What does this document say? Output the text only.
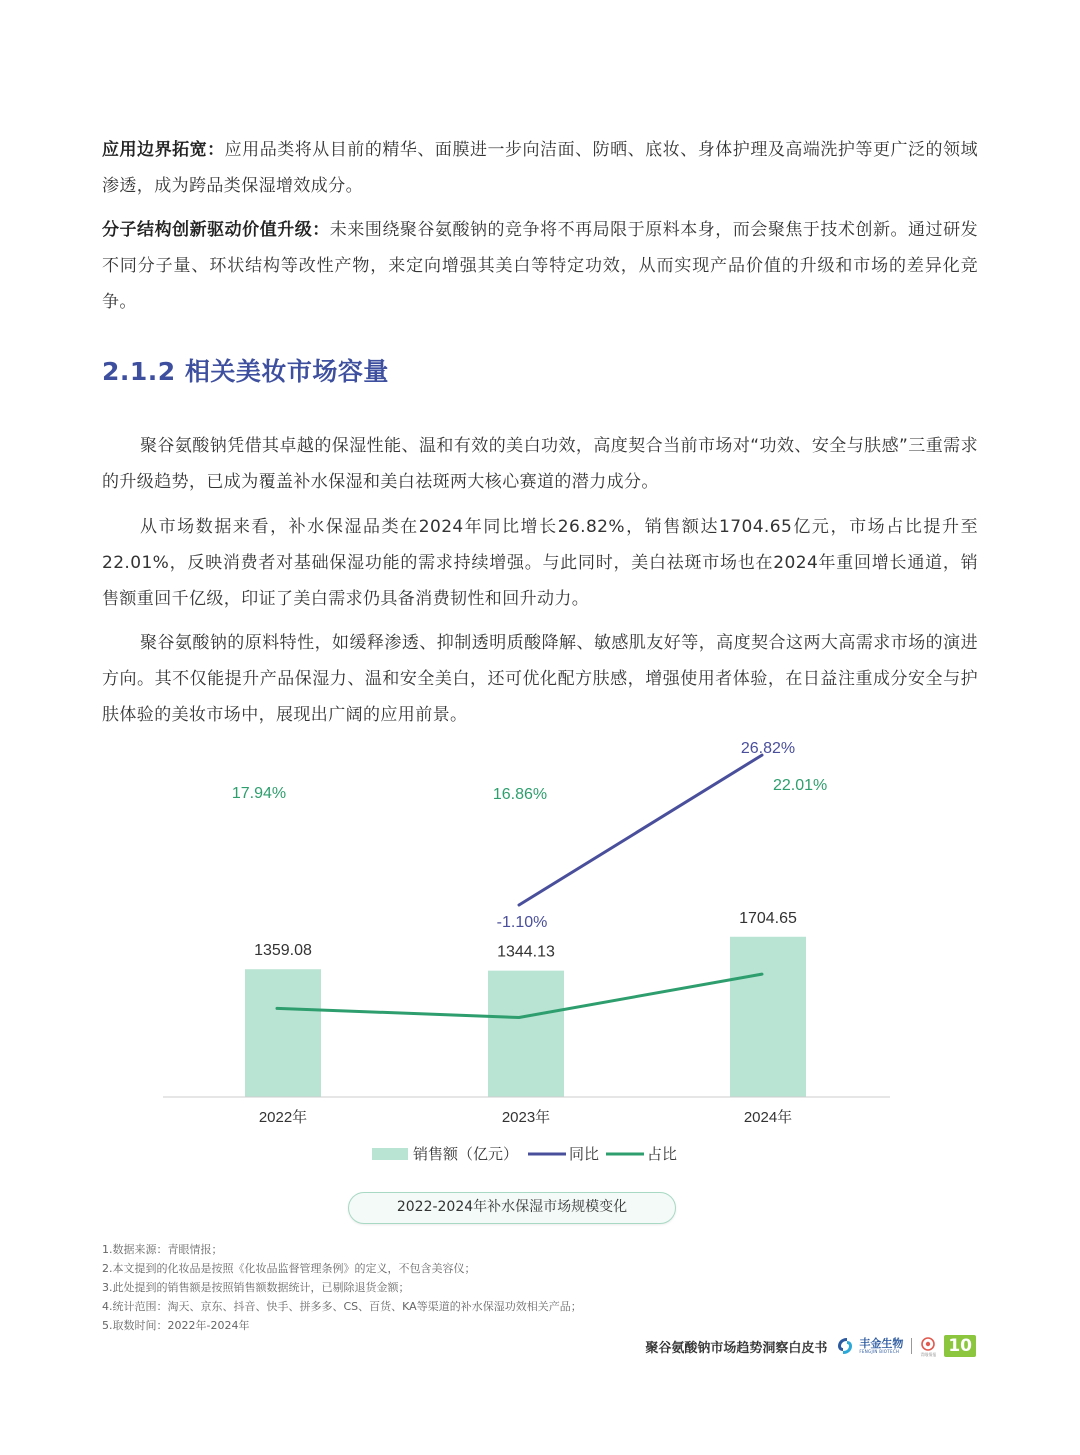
应用边界拓宽：应用品类将从目前的精华、面膜进一步向洁面、防晒、底妆、身体护理及高端洗护等更广泛的领域渗透，成为跨品类保湿增效成分。

分子结构创新驱动价值升级：未来围绕聚谷氨酸钠的竞争将不再局限于原料本身，而会聚焦于技术创新。通过研发不同分子量、环状结构等改性产物，来定向增强其美白等特定功效，从而实现产品价值的升级和市场的差异化竞争。

2.1.2 相关美妆市场容量

聚谷氨酸钠凭借其卓越的保湿性能、温和有效的美白功效，高度契合当前市场对“功效、安全与肤感”三重需求的升级趋势，已成为覆盖补水保湿和美白祛斑两大核心赛道的潜力成分。

从市场数据来看，补水保湿品类在2024年同比增长26.82%，销售额达1704.65亿元，市场占比提升至22.01%，反映消费者对基础保湿功能的需求持续增强。与此同时，美白祛斑市场也在2024年重回增长通道，销售额重回千亿级，印证了美白需求仍具备消费韧性和回升动力。

聚谷氨酸钠的原料特性，如缓释渗透、抑制透明质酸降解、敏感肌友好等，高度契合这两大高需求市场的演进方向。其不仅能提升产品保湿力、温和安全美白，还可优化配方肤感，增强使用者体验，在日益注重成分安全与护肤体验的美妆市场中，展现出广阔的应用前景。

1359.08	1344.13
1704.65
2022年	2023年	2024年
17.94%	16.86%
22.01%
-1.10%
26.82%
销售额（亿元）	同比	占比
2022-2024年补水保湿市场规模变化
1.数据来源：青眼情报；
2.本文提到的化妆品是按照《化妆品监督管理条例》的定义，不包含美容仪；
3.此处提到的销售额是按照销售额数据统计，已剔除退货金额；
4.统计范围：淘天、京东、抖音、快手、拼多多、CS、百货、KA等渠道的补水保湿功效相关产品；
5.取数时间：2022年-2024年
聚谷氨酸钠市场趋势洞察白皮书	丰金生物
FENGJIN BIOTECH	青眼情报 10
